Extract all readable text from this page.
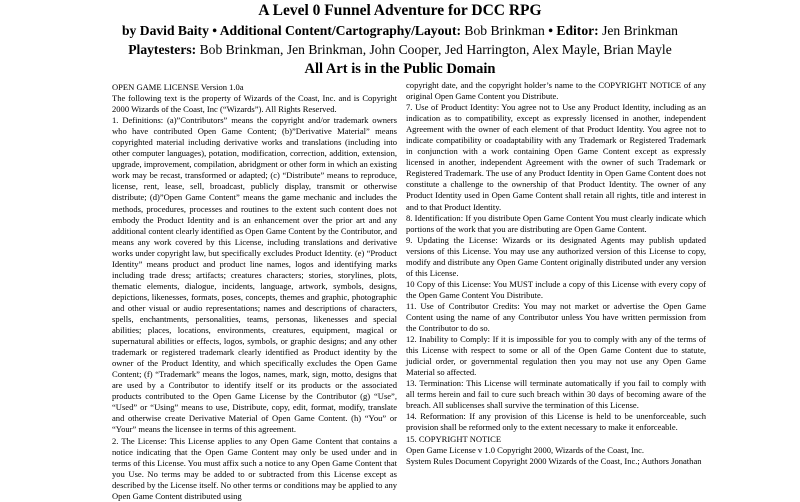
A Level 0 Funnel Adventure for DCC RPG
by David Baity • Additional Content/Cartography/Layout: Bob Brinkman • Editor: Jen Brinkman
Playtesters: Bob Brinkman, Jen Brinkman, John Cooper, Jed Harrington, Alex Mayle, Brian Mayle
All Art is in the Public Domain

OPEN GAME LICENSE Version 1.0a

The following text is the property of Wizards of the Coast, Inc. and is Copyright 2000 Wizards of the Coast, Inc (“Wizards”). All Rights Reserved.

1. Definitions: (a)”Contributors” means the copyright and/or trademark owners who have contributed Open Game Content; (b)”Derivative Material” means copyrighted material including derivative works and translations (including into other computer languages), potation, modification, correction, addition, extension, upgrade, improvement, compilation, abridgment or other form in which an existing work may be recast, transformed or adapted; (c) “Distribute” means to reproduce, license, rent, lease, sell, broadcast, publicly display, transmit or otherwise distribute; (d)”Open Game Content” means the game mechanic and includes the methods, procedures, processes and routines to the extent such content does not embody the Product Identity and is an enhancement over the prior art and any additional content clearly identified as Open Game Content by the Contributor, and means any work covered by this License, including translations and derivative works under copyright law, but specifically excludes Product Identity. (e) “Product Identity” means product and product line names, logos and identifying marks including trade dress; artifacts; creatures characters; stories, storylines, plots, thematic elements, dialogue, incidents, language, artwork, symbols, designs, depictions, likenesses, formats, poses, concepts, themes and graphic, photographic and other visual or audio representations; names and descriptions of characters, spells, enchantments, personalities, teams, personas, likenesses and special abilities; places, locations, environments, creatures, equipment, magical or supernatural abilities or effects, logos, symbols, or graphic designs; and any other trademark or registered trademark clearly identified as Product identity by the owner of the Product Identity, and which specifically excludes the Open Game Content; (f) “Trademark” means the logos, names, mark, sign, motto, designs that are used by a Contributor to identify itself or its products or the associated products contributed to the Open Game License by the Contributor (g) “Use”, “Used” or “Using” means to use, Distribute, copy, edit, format, modify, translate and otherwise create Derivative Material of Open Game Content. (h) “You” or “Your” means the licensee in terms of this agreement.

2. The License: This License applies to any Open Game Content that contains a notice indicating that the Open Game Content may only be used under and in terms of this License. You must affix such a notice to any Open Game Content that you Use. No terms may be added to or subtracted from this License except as described by the License itself. No other terms or conditions may be applied to any Open Game Content distributed using

copyright date, and the copyright holder’s name to the COPYRIGHT NOTICE of any original Open Game Content you Distribute.

7. Use of Product Identity: You agree not to Use any Product Identity, including as an indication as to compatibility, except as expressly licensed in another, independent Agreement with the owner of each element of that Product Identity. You agree not to indicate compatibility or coadaptability with any Trademark or Registered Trademark in conjunction with a work containing Open Game Content except as expressly licensed in another, independent Agreement with the owner of such Trademark or Registered Trademark. The use of any Product Identity in Open Game Content does not constitute a challenge to the ownership of that Product Identity. The owner of any Product Identity used in Open Game Content shall retain all rights, title and interest in and to that Product Identity.

8. Identification: If you distribute Open Game Content You must clearly indicate which portions of the work that you are distributing are Open Game Content.

9. Updating the License: Wizards or its designated Agents may publish updated versions of this License. You may use any authorized version of this License to copy, modify and distribute any Open Game Content originally distributed under any version of this License.

10 Copy of this License: You MUST include a copy of this License with every copy of the Open Game Content You Distribute.

11. Use of Contributor Credits: You may not market or advertise the Open Game Content using the name of any Contributor unless You have written permission from the Contributor to do so.

12. Inability to Comply: If it is impossible for you to comply with any of the terms of this License with respect to some or all of the Open Game Content due to statute, judicial order, or governmental regulation then you may not use any Open Game Material so affected.

13. Termination: This License will terminate automatically if you fail to comply with all terms herein and fail to cure such breach within 30 days of becoming aware of the breach. All sublicenses shall survive the termination of this License.

14. Reformation: If any provision of this License is held to be unenforceable, such provision shall be reformed only to the extent necessary to make it enforceable.

15. COPYRIGHT NOTICE

Open Game License v 1.0 Copyright 2000, Wizards of the Coast, Inc.

System Rules Document Copyright 2000 Wizards of the Coast, Inc.; Authors Jonathan
